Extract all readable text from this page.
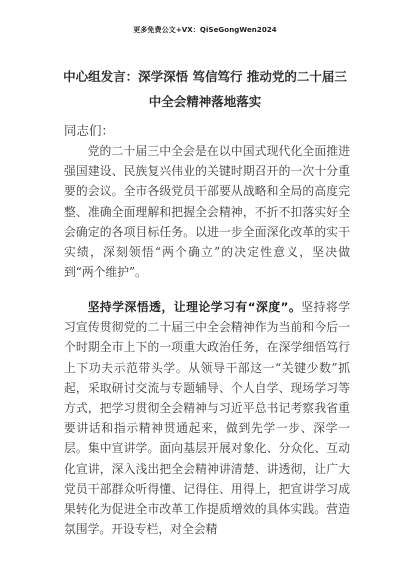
更多免费公文+VX：QiSeGongWen2024
中心组发言：深学深悟 笃信笃行 推动党的二十届三中全会精神落地落实
同志们：

党的二十届三中全会是在以中国式现代化全面推进强国建设、民族复兴伟业的关键时期召开的一次十分重要的会议。全市各级党员干部要从战略和全局的高度完整、准确全面理解和把握全会精神，不折不扣落实好全会确定的各项目标任务。以进一步全面深化改革的实干实绩，深刻领悟“两个确立”的决定性意义，坚决做到“两个维护”。

坚持学深悟透，让理论学习有“深度”。坚持将学习宣传贯彻党的二十届三中全会精神作为当前和今后一个时期全市上下的一项重大政治任务，在深学细悟笃行上下功夫示范带头学。从领导干部这一“关键少数”抓起，采取研讨交流与专题辅导、个人自学、现场学习等方式，把学习贯彻全会精神与习近平总书记考察我省重要讲话和指示精神贯通起来，做到先学一步、深学一层。集中宣讲学。面向基层开展对象化、分众化、互动化宣讲，深入浅出把全会精神讲清楚、讲透彻，让广大党员干部群众听得懂、记得住、用得上，把宣讲学习成果转化为促进全市改革工作提质增效的具体实践。营造氛围学。开设专栏，对全会精
